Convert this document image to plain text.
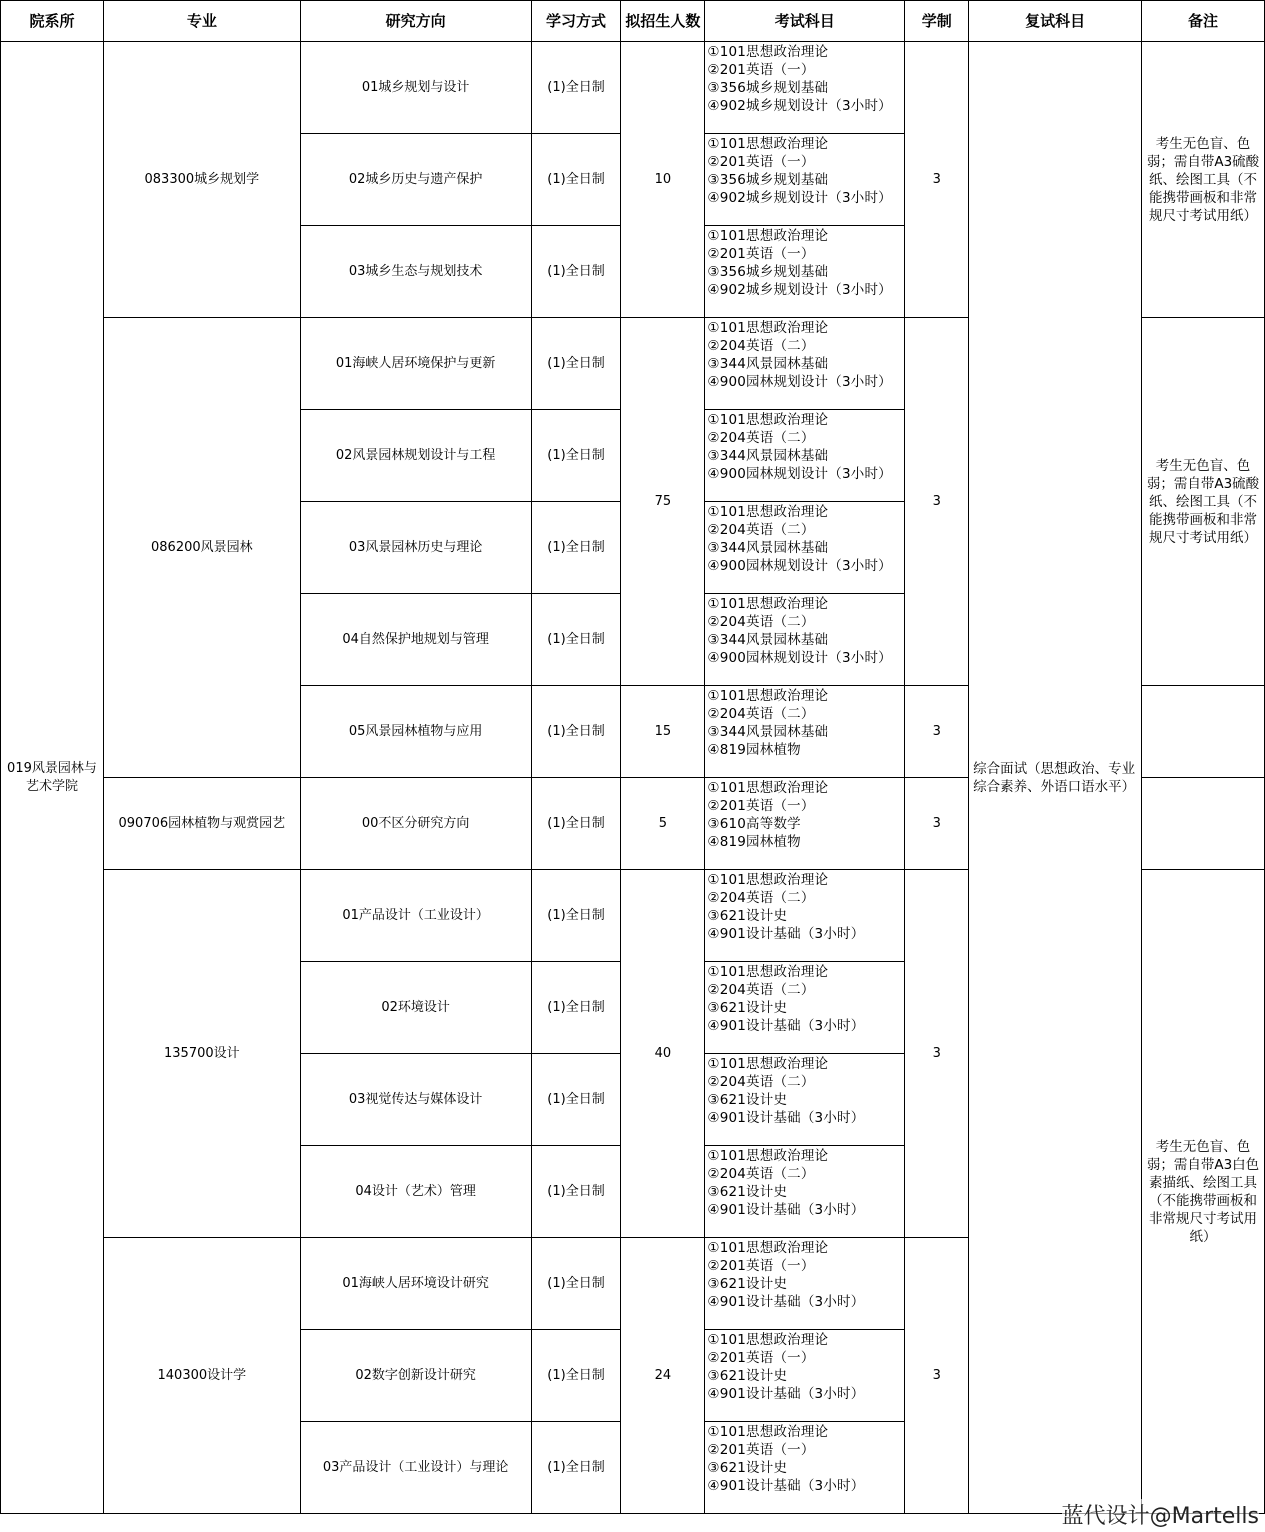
院系所	专业	研究方向	学习方式	拟招生人数	考试科目	学制	复试科目	备注
019风景园林与艺术学院	083300城乡规划学	01城乡规划与设计	(1)全日制	10	①101思想政治理论
②201英语（一）
③356城乡规划基础
④902城乡规划设计（3小时）	3	综合面试（思想政治、专业综合素养、外语口语水平）	考生无色盲、色弱；需自带A3硫酸纸、绘图工具（不能携带画板和非常规尺寸考试用纸）
		02城乡历史与遗产保护	(1)全日制		①101思想政治理论
②201英语（一）
③356城乡规划基础
④902城乡规划设计（3小时）			

		03城乡生态与规划技术	(1)全日制		①101思想政治理论
②201英语（一）
③356城乡规划基础
④902城乡规划设计（3小时）			

	086200风景园林	01海峡人居环境保护与更新	(1)全日制	75	①101思想政治理论
②204英语（二）
③344风景园林基础
④900园林规划设计（3小时）	3		考生无色盲、色弱；需自带A3硫酸纸、绘图工具（不能携带画板和非常规尺寸考试用纸）
		02风景园林规划设计与工程	(1)全日制		①101思想政治理论
②204英语（二）
③344风景园林基础
④900园林规划设计（3小时）			

		03风景园林历史与理论	(1)全日制		①101思想政治理论
②204英语（二）
③344风景园林基础
④900园林规划设计（3小时）			

		04自然保护地规划与管理	(1)全日制		①101思想政治理论
②204英语（二）
③344风景园林基础
④900园林规划设计（3小时）			

		05风景园林植物与应用	(1)全日制	15	①101思想政治理论
②204英语（二）
③344风景园林基础
④819园林植物	3		
	090706园林植物与观赏园艺	00不区分研究方向	(1)全日制	5	①101思想政治理论
②201英语（一）
③610高等数学
④819园林植物	3		
	135700设计	01产品设计（工业设计）	(1)全日制	40	①101思想政治理论
②204英语（二）
③621设计史
④901设计基础（3小时）	3		考生无色盲、色弱；需自带A3白色素描纸、绘图工具（不能携带画板和非常规尺寸考试用纸）
		02环境设计	(1)全日制		①101思想政治理论
②204英语（二）
③621设计史
④901设计基础（3小时）			

		03视觉传达与媒体设计	(1)全日制		①101思想政治理论
②204英语（二）
③621设计史
④901设计基础（3小时）			

		04设计（艺术）管理	(1)全日制		①101思想政治理论
②204英语（二）
③621设计史
④901设计基础（3小时）			

	140300设计学	01海峡人居环境设计研究	(1)全日制	24	①101思想政治理论
②201英语（一）
③621设计史
④901设计基础（3小时）	3		
		02数字创新设计研究	(1)全日制		①101思想政治理论
②201英语（一）
③621设计史
④901设计基础（3小时）			

		03产品设计（工业设计）与理论	(1)全日制		①101思想政治理论
②201英语（一）
③621设计史
④901设计基础（3小时）			
蓝代设计@Martells
